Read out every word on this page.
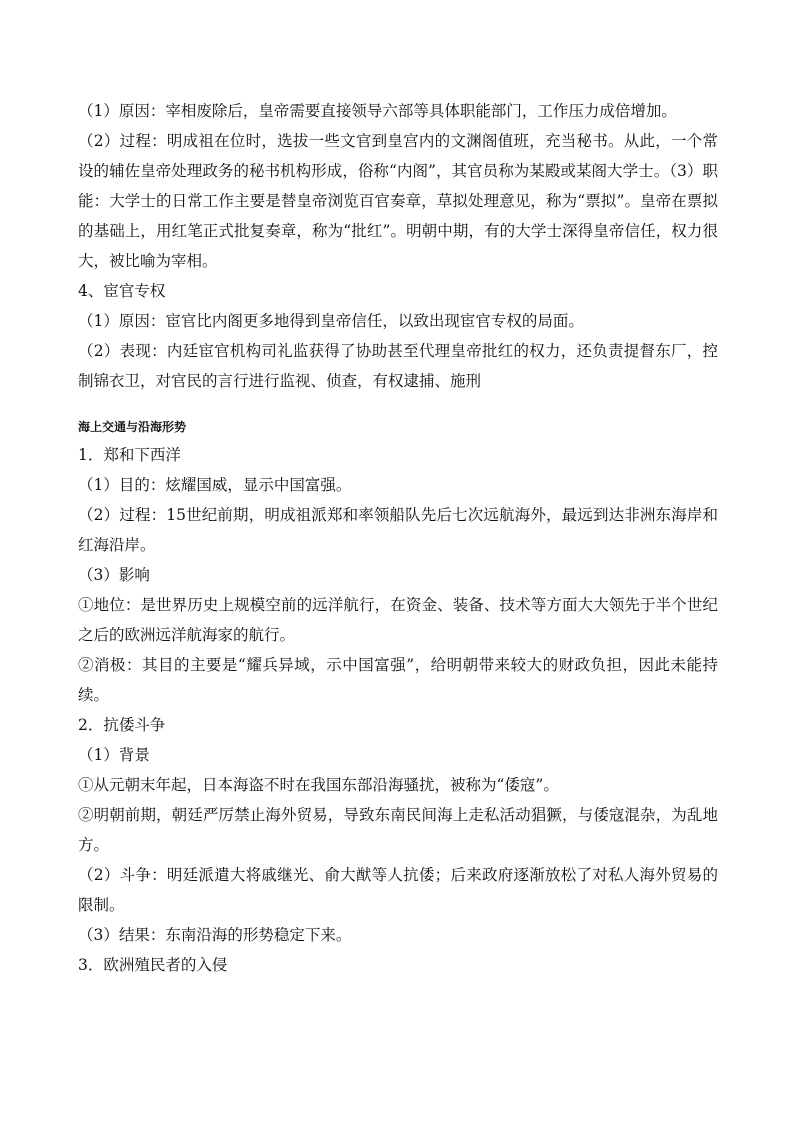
（1）原因：宰相废除后，皇帝需要直接领导六部等具体职能部门，工作压力成倍增加。

（2）过程：明成祖在位时，选拔一些文官到皇宫内的文渊阁值班，充当秘书。从此，一个常设的辅佐皇帝处理政务的秘书机构形成，俗称“内阁”，其官员称为某殿或某阁大学士。（3）职能：大学士的日常工作主要是替皇帝浏览百官奏章，草拟处理意见，称为“票拟”。皇帝在票拟的基础上，用红笔正式批复奏章，称为“批红”。明朝中期，有的大学士深得皇帝信任，权力很大，被比喻为宰相。

4、宦官专权

（1）原因：宦官比内阁更多地得到皇帝信任，以致出现宦官专权的局面。

（2）表现：内廷宦官机构司礼监获得了协助甚至代理皇帝批红的权力，还负责提督东厂，控制锦衣卫，对官民的言行进行监视、侦查，有权逮捕、施刑

海上交通与沿海形势

1．郑和下西洋

（1）目的：炫耀国威，显示中国富强。

（2）过程：15世纪前期，明成祖派郑和率领船队先后七次远航海外，最远到达非洲东海岸和红海沿岸。

（3）影响

①地位：是世界历史上规模空前的远洋航行，在资金、装备、技术等方面大大领先于半个世纪之后的欧洲远洋航海家的航行。

②消极：其目的主要是“耀兵异域，示中国富强”，给明朝带来较大的财政负担，因此未能持续。

2．抗倭斗争

（1）背景

①从元朝末年起，日本海盗不时在我国东部沿海骚扰，被称为“倭寇”。

②明朝前期，朝廷严厉禁止海外贸易，导致东南民间海上走私活动猖獗，与倭寇混杂，为乱地方。

（2）斗争：明廷派遣大将戚继光、俞大猷等人抗倭；后来政府逐渐放松了对私人海外贸易的限制。

（3）结果：东南沿海的形势稳定下来。

3．欧洲殖民者的入侵
